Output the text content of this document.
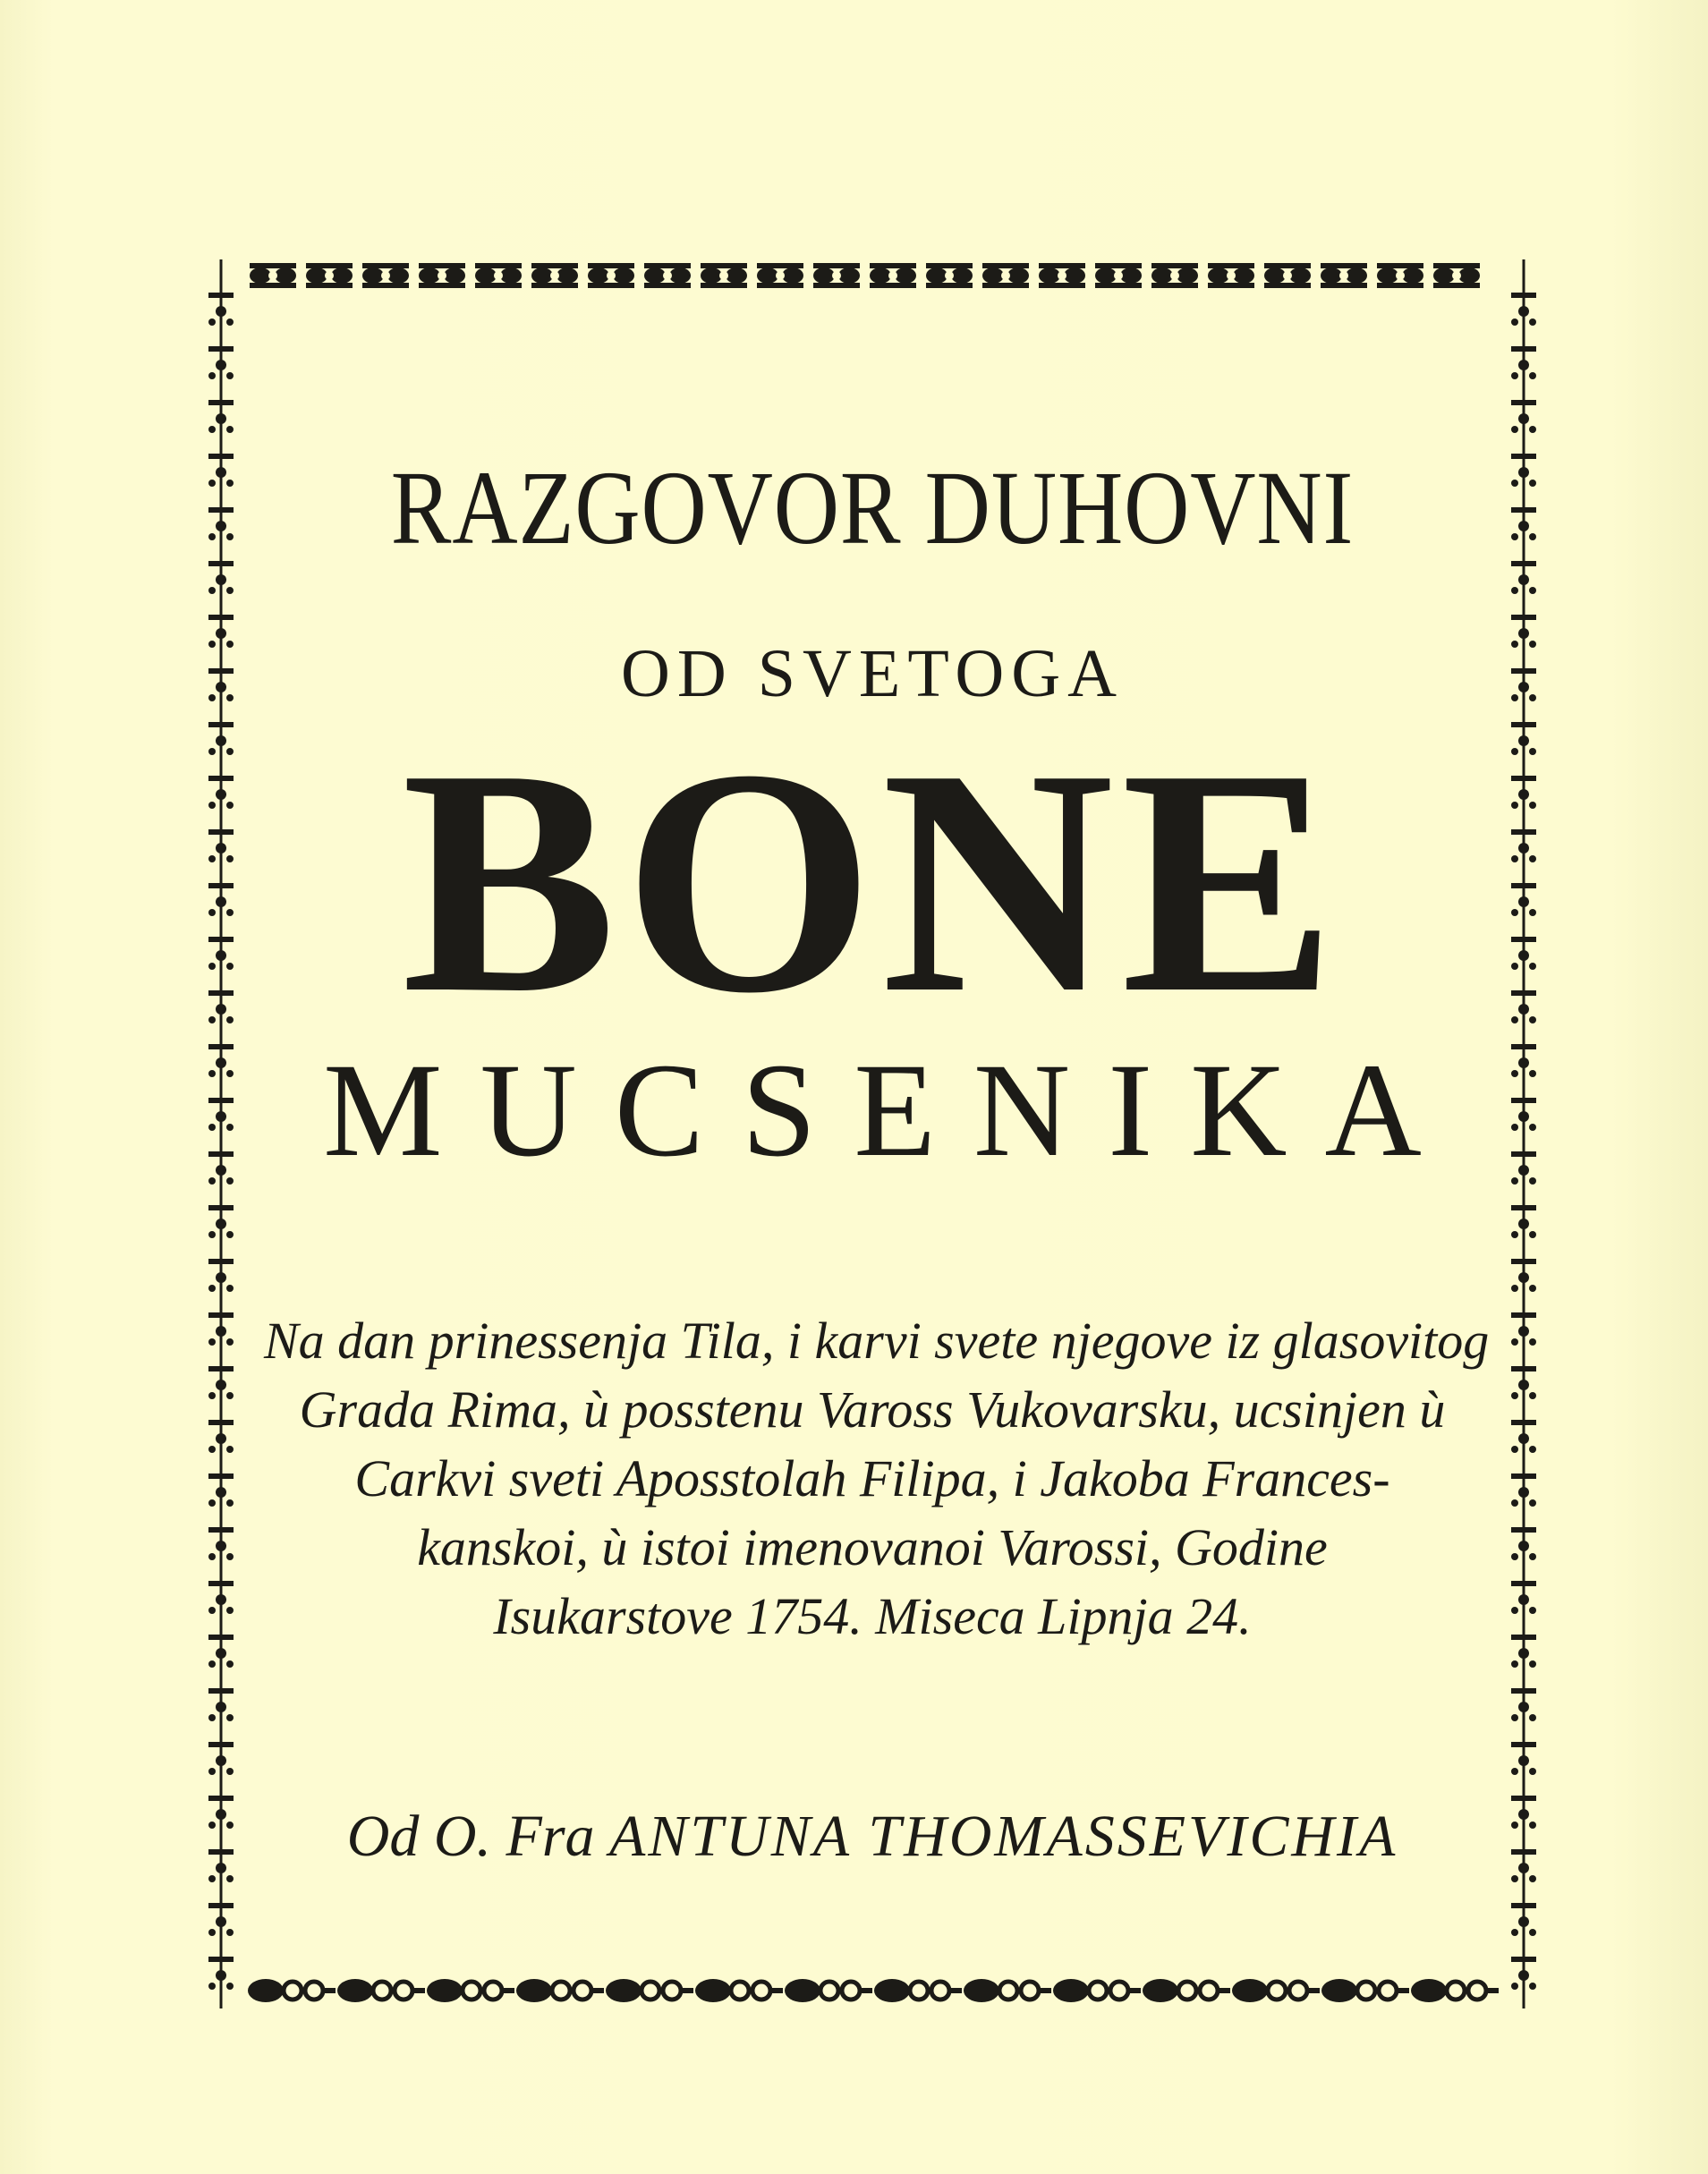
RAZGOVOR DUHOVNI
OD SVETOGA
BONE
MUCSENIKA
Na dan prinessenja Tila, i karvi svete njegove iz glasovitog
Grada Rima, ù posstenu Vaross Vukovarsku, ucsinjen ù
Carkvi sveti Aposstolah Filipa, i Jakoba Frances-
kanskoi, ù istoi imenovanoi Varossi, Godine
Isukarstove 1754. Miseca Lipnja 24.
Od O. Fra ANTUNA THOMASSEVICHIA
